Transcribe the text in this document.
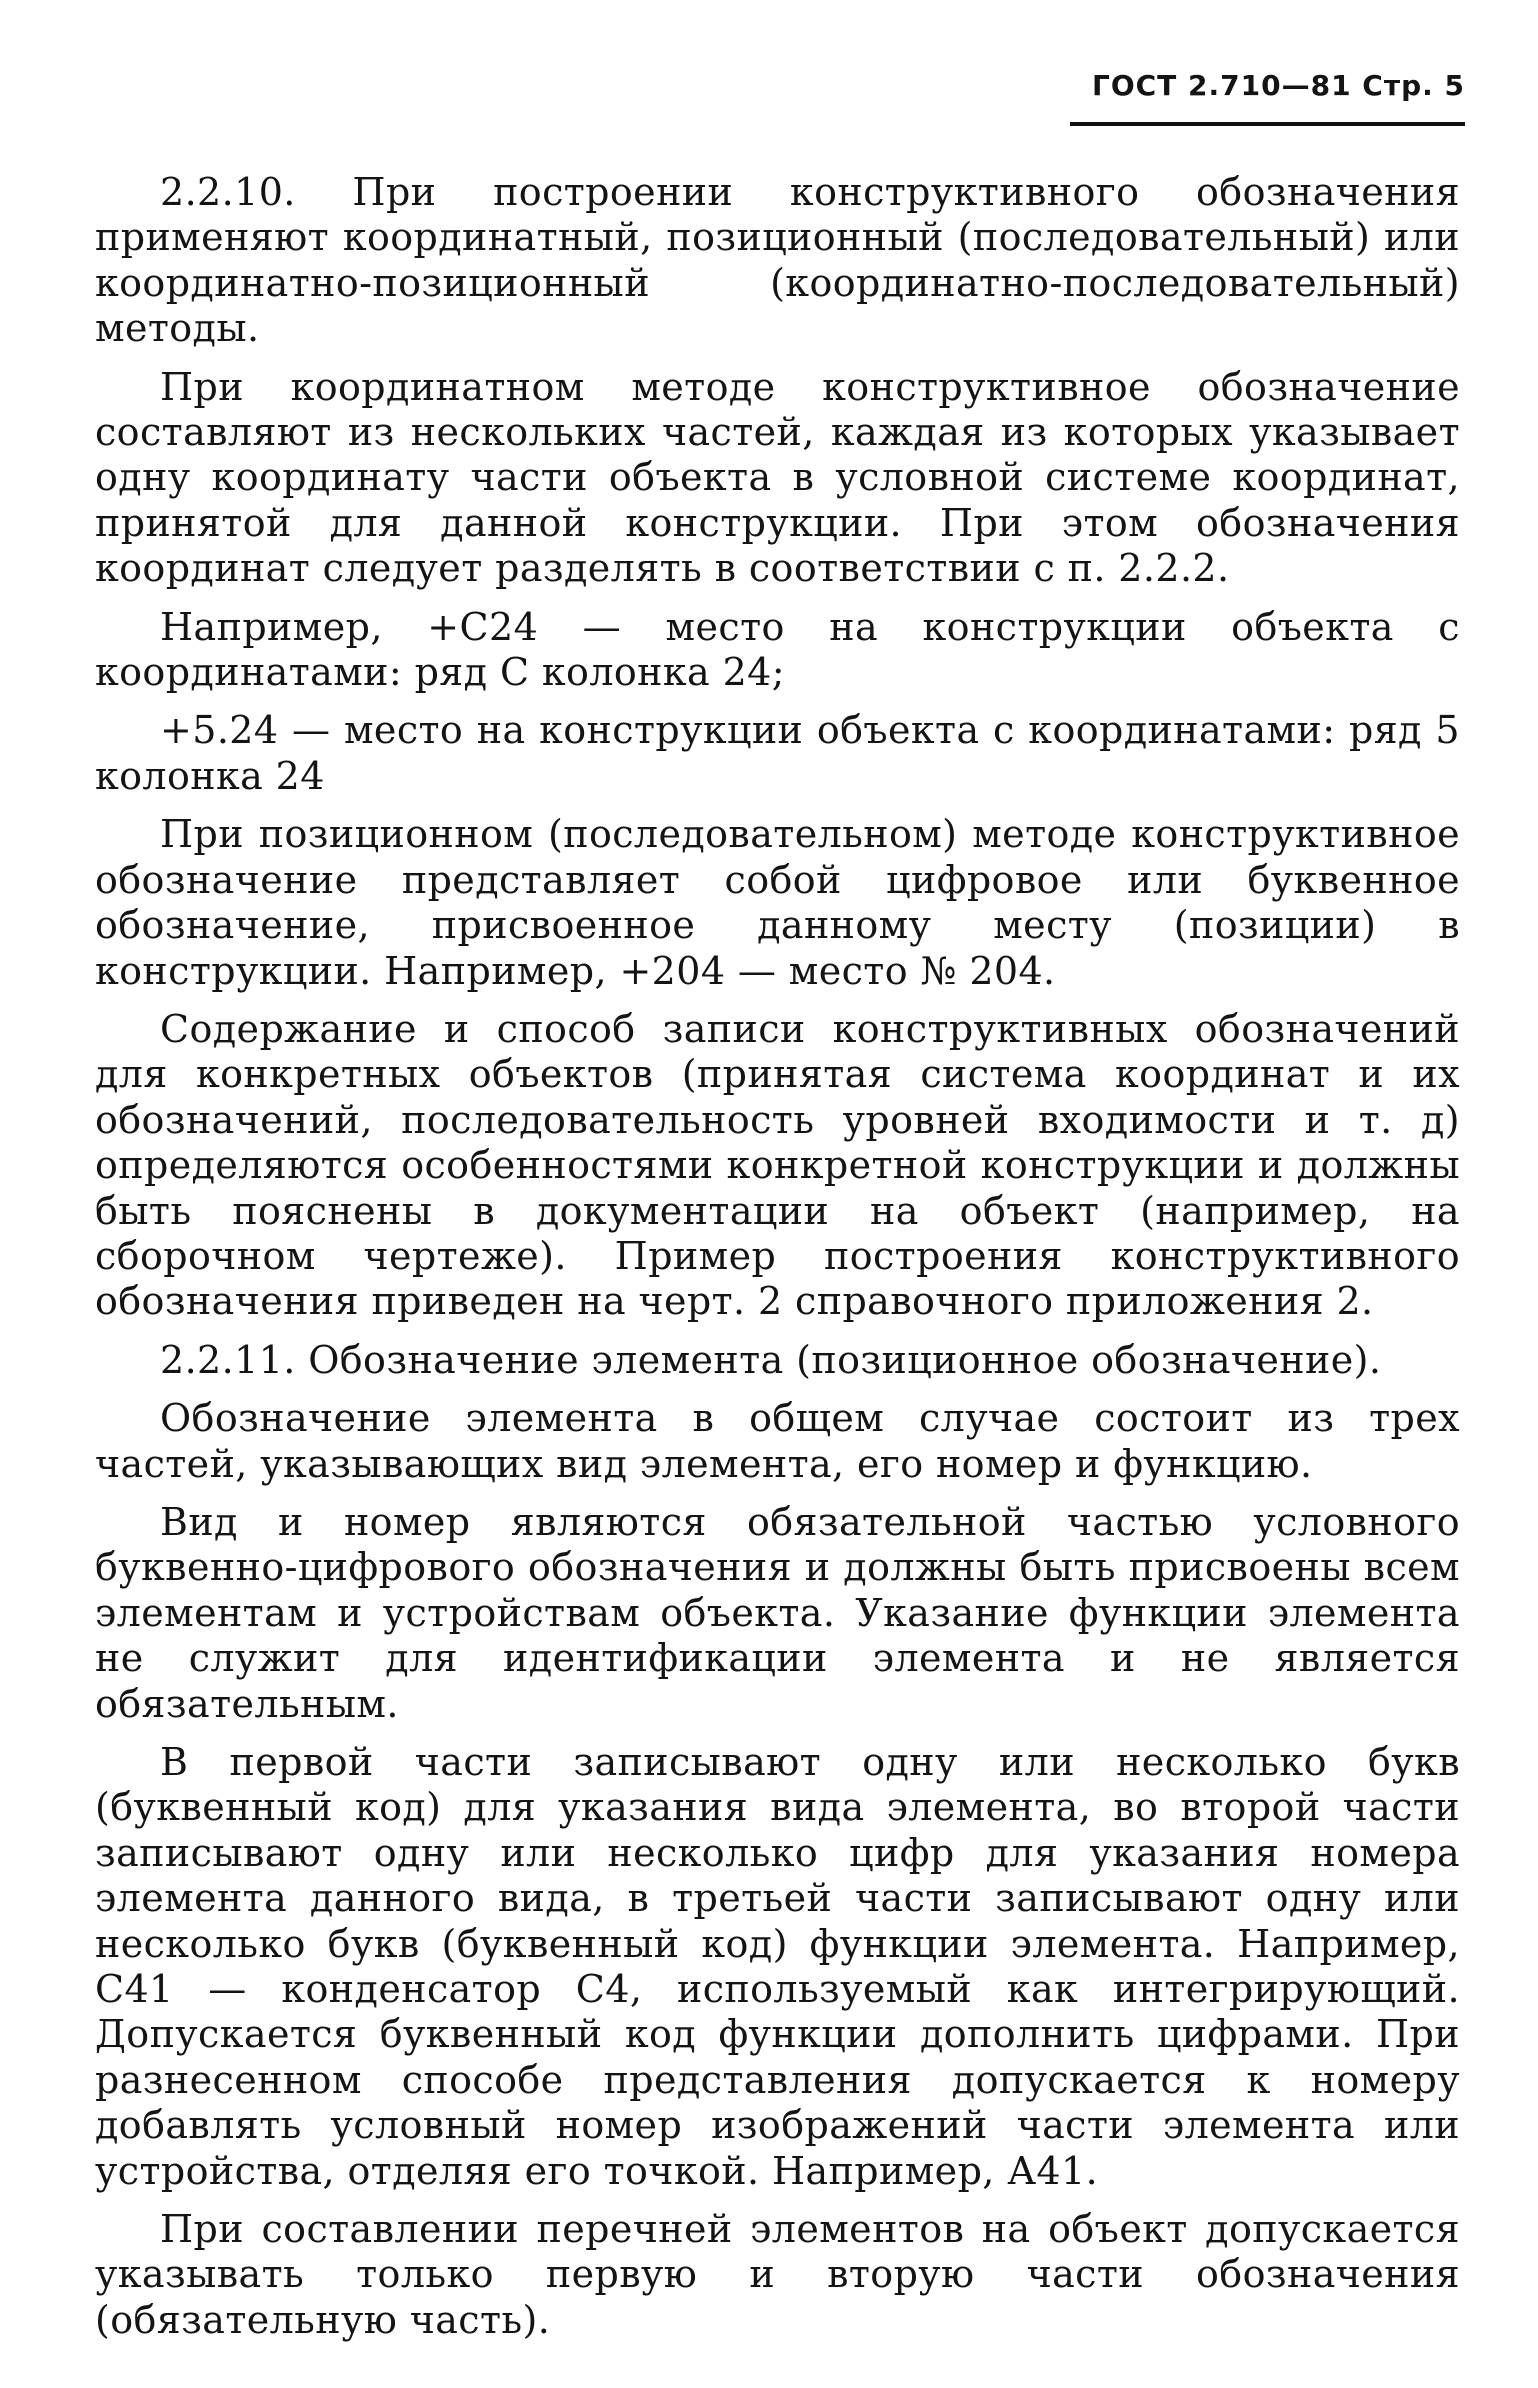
ГОСТ 2.710—81 Стр. 5

2.2.10. При построении конструктивного обозначения применяют координатный, позиционный (последовательный) или координатно-позиционный (координатно-последовательный) методы.

При координатном методе конструктивное обозначение составляют из нескольких частей, каждая из которых указывает одну координату части объекта в условной системе координат, принятой для данной конструкции. При этом обозначения координат следует разделять в соответствии с п. 2.2.2.

Например, +С24 — место на конструкции объекта с координатами: ряд С колонка 24;

+5.24 — место на конструкции объекта с координатами: ряд 5 колонка 24

При позиционном (последовательном) методе конструктивное обозначение представляет собой цифровое или буквенное обозначение, присвоенное данному месту (позиции) в конструкции. Например, +204 — место № 204.

Содержание и способ записи конструктивных обозначений для конкретных объектов (принятая система координат и их обозначений, последовательность уровней входимости и т. д) определяются особенностями конкретной конструкции и должны быть пояснены в документации на объект (например, на сборочном чертеже). Пример построения конструктивного обозначения приведен на черт. 2 справочного приложения 2.

2.2.11. Обозначение элемента (позиционное обозначение).

Обозначение элемента в общем случае состоит из трех частей, указывающих вид элемента, его номер и функцию.

Вид и номер являются обязательной частью условного буквенно-цифрового обозначения и должны быть присвоены всем элементам и устройствам объекта. Указание функции элемента не служит для идентификации элемента и не является обязательным.

В первой части записывают одну или несколько букв (буквенный код) для указания вида элемента, во второй части записывают одну или несколько цифр для указания номера элемента данного вида, в третьей части записывают одну или несколько букв (буквенный код) функции элемента. Например, С41 — конденсатор С4, используемый как интегрирующий. Допускается буквенный код функции дополнить цифрами. При разнесенном способе представления допускается к номеру добавлять условный номер изображений части элемента или устройства, отделяя его точкой. Например, А41.

При составлении перечней элементов на объект допускается указывать только первую и вторую части обозначения (обязательную часть).
